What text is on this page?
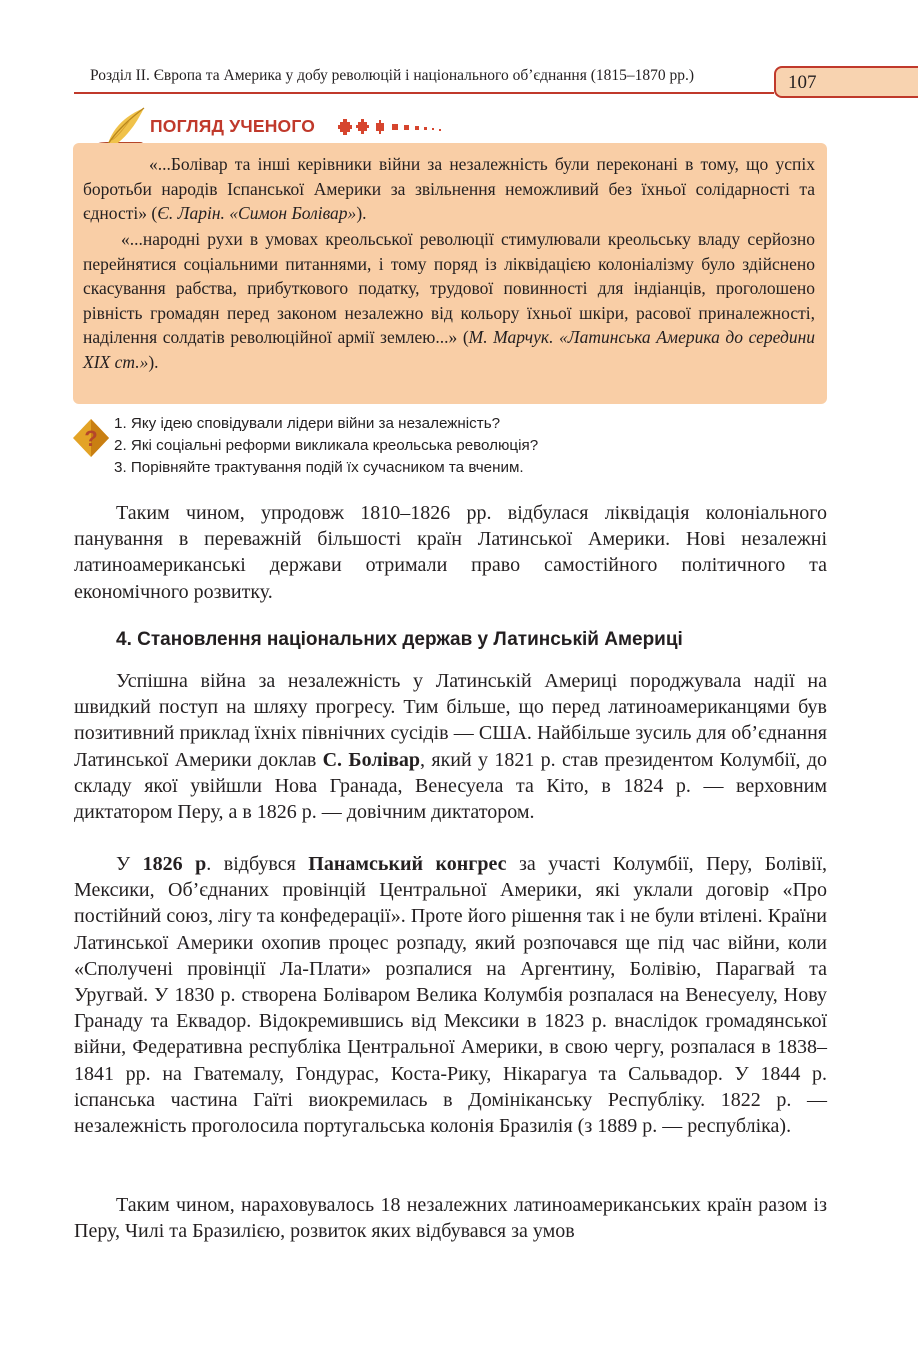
Розділ ІІ. Європа та Америка у добу революцій і національного об’єднання (1815–1870 рр.)	107
ПОГЛЯД УЧЕНОГО

«...Болівар та інші керівники війни за незалежність були переконані в тому, що успіх боротьби народів Іспанської Америки за звільнення неможливий без їхньої солідарності та єдності» (Є. Ларін. «Симон Болівар»).

«...народні рухи в умовах креольської революції стимулювали креольську владу серйозно перейнятися соціальними питаннями, і тому поряд із ліквідацією колоніалізму було здійснено скасування рабства, прибуткового податку, трудової повинності для індіанців, проголошено рівність громадян перед законом незалежно від кольору їхньої шкіри, расової приналежності, наділення солдатів революційної армії землею...» (М. Марчук. «Латинська Америка до середини XIX ст.»).

?
1. Яку ідею сповідували лідери війни за незалежність?
2. Які соціальні реформи викликала креольська революція?
3. Порівняйте трактування подій їх сучасником та вченим.

Таким чином, упродовж 1810–1826 рр. відбулася ліквідація колоніального панування в переважній більшості країн Латинської Америки. Нові незалежні латиноамериканські держави отримали право самостійного політичного та економічного розвитку.

4. Становлення національних держав у Латинській Америці

Успішна війна за незалежність у Латинській Америці породжувала надії на швидкий поступ на шляху прогресу. Тим більше, що перед латиноамериканцями був позитивний приклад їхніх північних сусідів — США. Найбільше зусиль для об’єднання Латинської Америки доклав С. Болівар, який у 1821 р. став президентом Колумбії, до складу якої увійшли Нова Гранада, Венесуела та Кіто, в 1824 р. — верховним диктатором Перу, а в 1826 р. — довічним диктатором.

У 1826 р. відбувся Панамський конгрес за участі Колумбії, Перу, Болівії, Мексики, Об’єднаних провінцій Центральної Америки, які уклали договір «Про постійний союз, лігу та конфедерації». Проте його рішення так і не були втілені. Країни Латинської Америки охопив процес розпаду, який розпочався ще під час війни, коли «Сполучені провінції Ла-Плати» розпалися на Аргентину, Болівію, Парагвай та Уругвай. У 1830 р. створена Боліваром Велика Колумбія розпалася на Венесуелу, Нову Гранаду та Еквадор. Відокремившись від Мексики в 1823 р. внаслідок громадянської війни, Федеративна республіка Центральної Америки, в свою чергу, розпалася в 1838–1841 рр. на Гватемалу, Гондурас, Коста-Рику, Нікарагуа та Сальвадор. У 1844 р. іспанська частина Гаїті виокремилась в Домініканську Республіку. 1822 р. — незалежність проголосила португальська колонія Бразилія (з 1889 р. — республіка).

Таким чином, нараховувалось 18 незалежних латиноамериканських країн разом із Перу, Чилі та Бразилією, розвиток яких відбувався за умов
